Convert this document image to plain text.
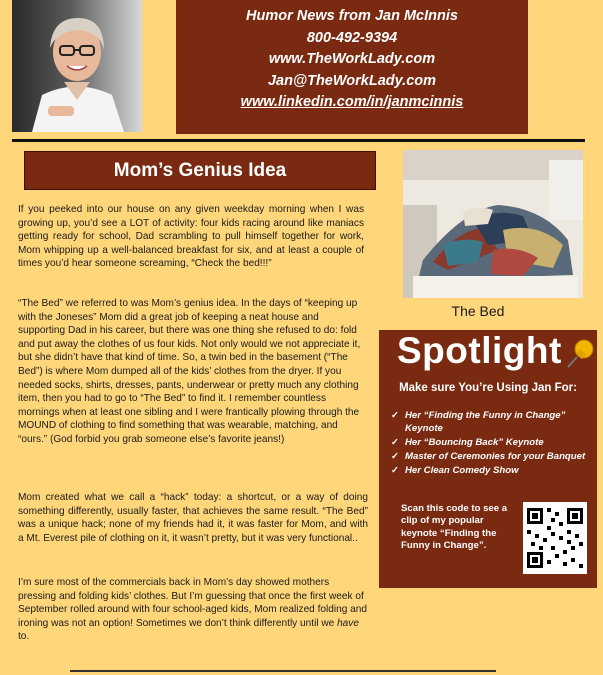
Humor News from Jan McInnis
800-492-9394
www.TheWorkLady.com
Jan@TheWorkLady.com
www.linkedin.com/in/janmcinnis
Mom’s Genius Idea
If you peeked into our house on any given weekday morning when I was growing up, you’d see a LOT of activity: four kids racing around like maniacs getting ready for school, Dad scrambling to pull himself together for work, Mom whipping up a well-balanced breakfast for six, and at least a couple of times you’d hear someone screaming, “Check the bed!!!”
“The Bed” we referred to was Mom’s genius idea. In the days of “keeping up with the Joneses” Mom did a great job of keeping a neat house and supporting Dad in his career, but there was one thing she refused to do: fold and put away the clothes of us four kids. Not only would we not appreciate it, but she didn’t have that kind of time. So, a twin bed in the basement (“The Bed”) is where Mom dumped all of the kids’ clothes from the dryer. If you needed socks, shirts, dresses, pants, underwear or pretty much any clothing item, then you had to go to “The Bed” to find it. I remember countless mornings when at least one sibling and I were frantically plowing through the MOUND of clothing to find something that was wearable, matching, and “ours.” (God forbid you grab someone else’s favorite jeans!)
Mom created what we call a “hack” today: a shortcut, or a way of doing something differently, usually faster, that achieves the same result. “The Bed” was a unique hack; none of my friends had it, it was faster for Mom, and with a Mt. Everest pile of clothing on it, it wasn’t pretty, but it was very functional..
I’m sure most of the commercials back in Mom’s day showed mothers pressing and folding kids’ clothes. But I’m guessing that once the first week of September rolled around with four school-aged kids, Mom realized folding and ironing was not an option! Sometimes we don’t think differently until we have to.
The Bed
Spotlight
Make sure You’re Using Jan For:
✓ Her “Finding the Funny in Change” Keynote
✓ Her “Bouncing Back” Keynote
✓ Master of Ceremonies for your Banquet
✓ Her Clean Comedy Show
Scan this code to see a clip of my popular keynote “Finding the Funny in Change”.
